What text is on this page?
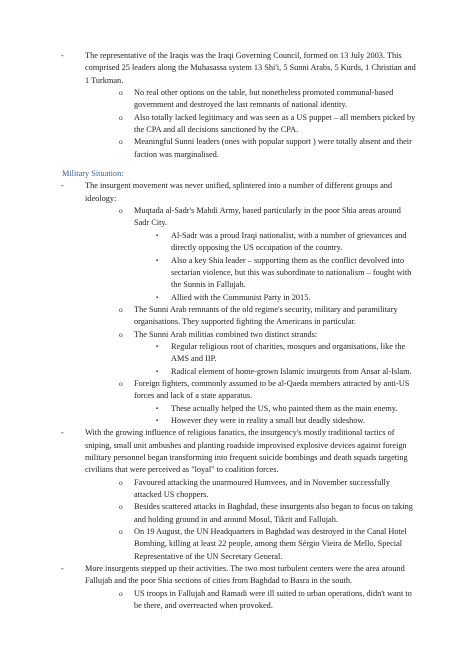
-	The representative of the Iraqis was the Iraqi Governing Council, formed on 13 July 2003. This comprised 25 leaders along the Muhasassa system 13 Shi'i, 5 Sunni Arabs, 5 Kurds, 1 Christian and 1 Turkman.
o	No real other options on the table, but nonetheless promoted communal-based government and destroyed the last remnants of national identity.
o	Also totally lacked legitimacy and was seen as a US puppet – all members picked by the CPA and all decisions sanctioned by the CPA.
o	Meaningful Sunni leaders (ones with popular support ) were totally absent and their faction was marginalised.
Military Situation:
-	The insurgent movement was never unified, splintered into a number of different groups and ideology:
o	Muqtada al-Sadr's Mahdi Army, based particularly in the poor Shia areas around Sadr City.
▪	Al-Sadr was a proud Iraqi nationalist, with a number of grievances and directly opposing the US occupation of the country.
▪	Also a key Shia leader – supporting them as the conflict devolved into sectarian violence, but this was subordinate to nationalism – fought with the Sunnis in Fallujah.
▪	Allied with the Communist Party in 2015.
o	The Sunni Arab remnants of the old regime's security, military and paramilitary organisations. They supported fighting the Americans in particular.
o	The Sunni Arab militias combined two distinct strands:
▪	Regular religious root of charities, mosques and organisations, like the AMS and IIP.
▪	Radical element of home-grown Islamic insurgents from Ansar al-Islam.
o	Foreign fighters, commonly assumed to be al-Qaeda members attracted by anti-US forces and lack of a state apparatus.
▪	These actually helped the US, who painted them as the main enemy.
▪	However they were in reality a small but deadly sideshow.
-	With the growing influence of religious fanatics, the insurgency's mostly traditional tactics of sniping, small unit ambushes and planting roadside improvised explosive devices against foreign military personnel began transforming into frequent suicide bombings and death squads targeting civilians that were perceived as "loyal" to coalition forces.
o	Favoured attacking the unarmoured Humvees, and in November successfully attacked US choppers.
o	Besides scattered attacks in Baghdad, these insurgents also began to focus on taking and holding ground in and around Mosul, Tikrit and Fallujah.
o	On 19 August, the UN Headquarters in Baghdad was destroyed in the Canal Hotel Bombing, killing at least 22 people, among them Sérgio Vieira de Mello, Special Representative of the UN Secretary General.
-	More insurgents stepped up their activities. The two most turbulent centers were the area around Fallujah and the poor Shia sections of cities from Baghdad to Basra in the south.
o	US troops in Fallujah and Ramadi were ill suited to urban operations, didn't want to be there, and overreacted when provoked.
